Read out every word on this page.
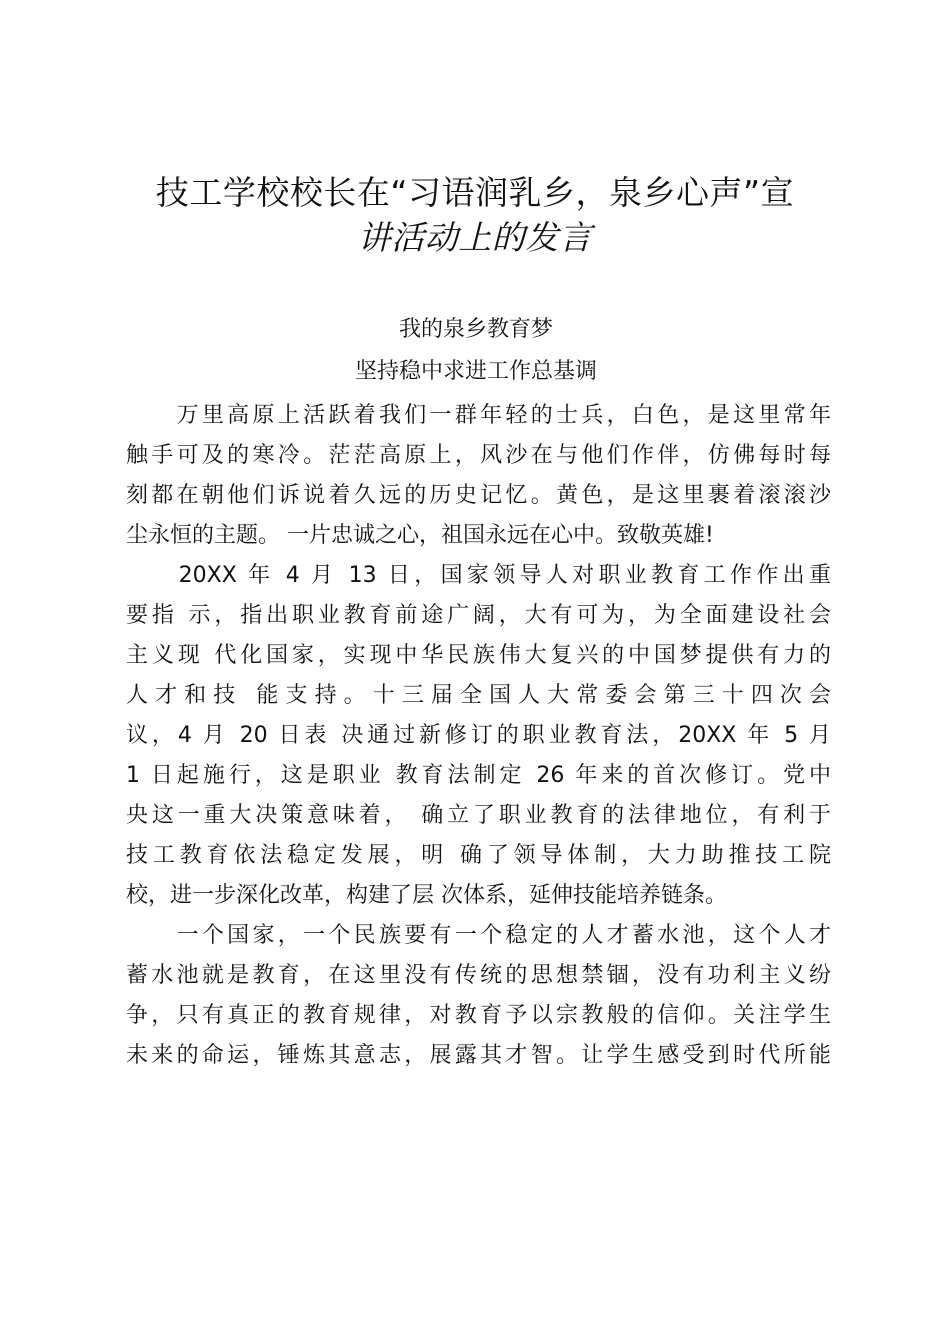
技工学校校长在“习语润乳乡，泉乡心声”宣
讲活动上的发言
我的泉乡教育梦
坚持稳中求进工作总基调
　　万里高原上活跃着我们一群年轻的士兵，白色，是这里常年
触手可及的寒冷。茫茫高原上，风沙在与他们作伴，仿佛每时每
刻都在朝他们诉说着久远的历史记忆。黄色，是这里裹着滚滚沙
尘永恒的主题。 一片忠诚之心，祖国永远在心中。致敬英雄!
　　20XX 年 4 月 13 日，国家领导人对职业教育工作作出重
要指 示，指出职业教育前途广阔，大有可为，为全面建设社会
主义现 代化国家，实现中华民族伟大复兴的中国梦提供有力的
人才和技 能支持。十三届全国人大常委会第三十四次会
议，4 月 20 日表 决通过新修订的职业教育法，20XX 年 5 月
1 日起施行，这是职业 教育法制定 26 年来的首次修订。党中
央这一重大决策意味着， 确立了职业教育的法律地位，有利于
技工教育依法稳定发展，明 确了领导体制，大力助推技工院
校，进一步深化改革，构建了层 次体系，延伸技能培养链条。
　　一个国家，一个民族要有一个稳定的人才蓄水池，这个人才
蓄水池就是教育，在这里没有传统的思想禁锢，没有功利主义纷
争，只有真正的教育规律，对教育予以宗教般的信仰。关注学生
未来的命运，锤炼其意志，展露其才智。让学生感受到时代所能
